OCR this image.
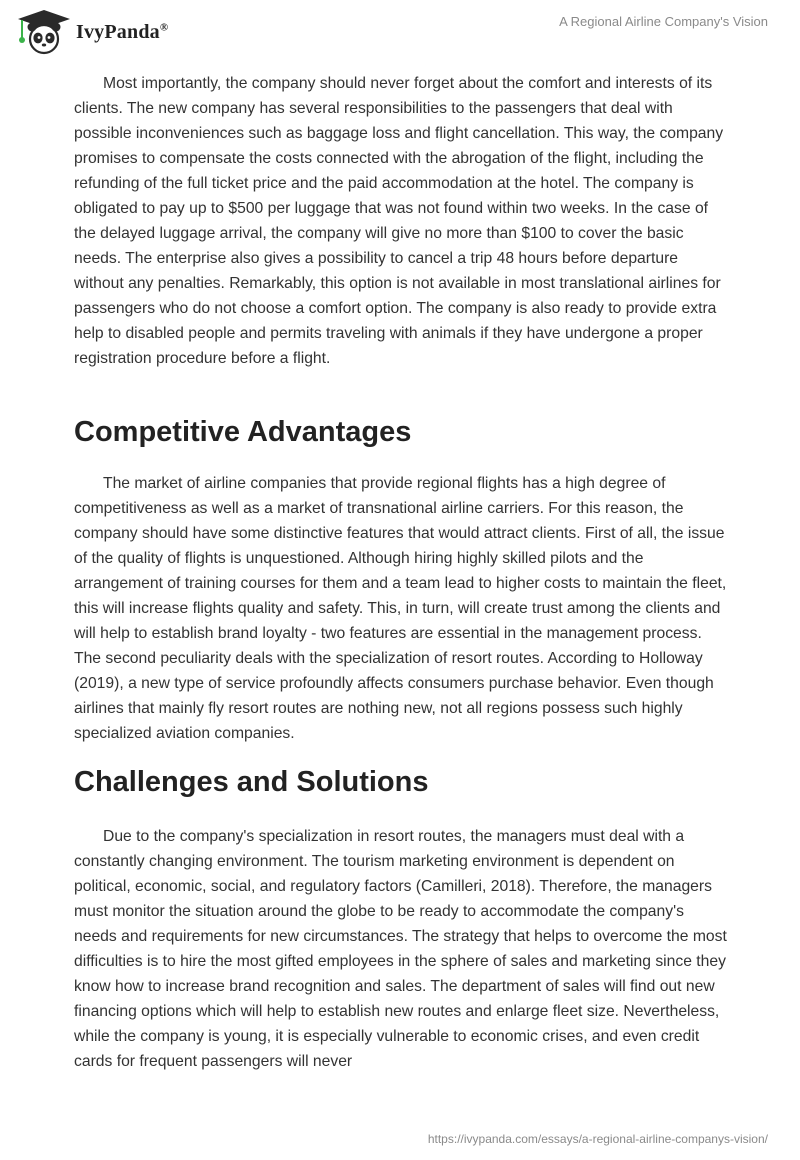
IvyPanda®	A Regional Airline Company's Vision

Most importantly, the company should never forget about the comfort and interests of its clients. The new company has several responsibilities to the passengers that deal with possible inconveniences such as baggage loss and flight cancellation. This way, the company promises to compensate the costs connected with the abrogation of the flight, including the refunding of the full ticket price and the paid accommodation at the hotel. The company is obligated to pay up to $500 per luggage that was not found within two weeks. In the case of the delayed luggage arrival, the company will give no more than $100 to cover the basic needs. The enterprise also gives a possibility to cancel a trip 48 hours before departure without any penalties. Remarkably, this option is not available in most translational airlines for passengers who do not choose a comfort option. The company is also ready to provide extra help to disabled people and permits traveling with animals if they have undergone a proper registration procedure before a flight.

Competitive Advantages

The market of airline companies that provide regional flights has a high degree of competitiveness as well as a market of transnational airline carriers. For this reason, the company should have some distinctive features that would attract clients. First of all, the issue of the quality of flights is unquestioned. Although hiring highly skilled pilots and the arrangement of training courses for them and a team lead to higher costs to maintain the fleet, this will increase flights quality and safety. This, in turn, will create trust among the clients and will help to establish brand loyalty - two features are essential in the management process. The second peculiarity deals with the specialization of resort routes. According to Holloway (2019), a new type of service profoundly affects consumers purchase behavior. Even though airlines that mainly fly resort routes are nothing new, not all regions possess such highly specialized aviation companies.

Challenges and Solutions

Due to the company's specialization in resort routes, the managers must deal with a constantly changing environment. The tourism marketing environment is dependent on political, economic, social, and regulatory factors (Camilleri, 2018). Therefore, the managers must monitor the situation around the globe to be ready to accommodate the company's needs and requirements for new circumstances. The strategy that helps to overcome the most difficulties is to hire the most gifted employees in the sphere of sales and marketing since they know how to increase brand recognition and sales. The department of sales will find out new financing options which will help to establish new routes and enlarge fleet size. Nevertheless, while the company is young, it is especially vulnerable to economic crises, and even credit cards for frequent passengers will never

https://ivypanda.com/essays/a-regional-airline-companys-vision/
